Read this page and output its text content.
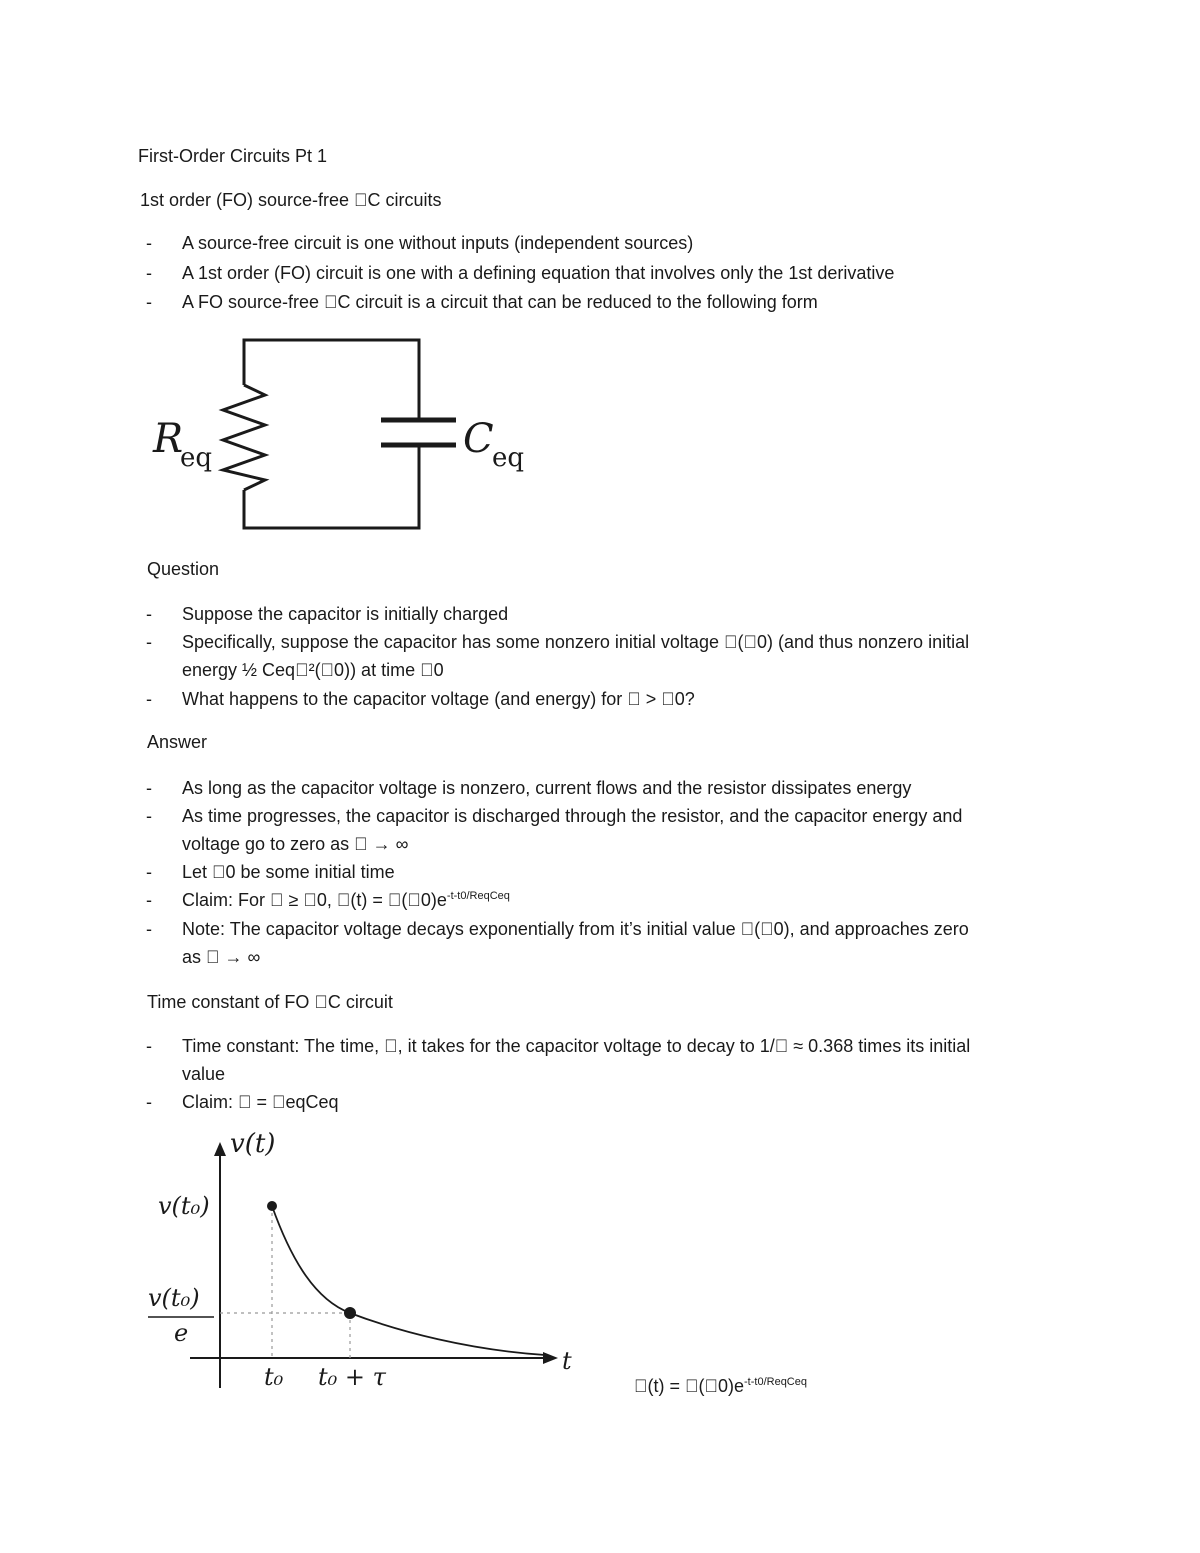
First-Order Circuits Pt 1
1st order (FO) source-free  C circuits
- A source-free circuit is one without inputs (independent sources)
- A 1st order (FO) circuit is one with a defining equation that involves only the 1st derivative
- A FO source-free  C circuit is a circuit that can be reduced to the following form
R
eq	C
eq
Question
- Suppose the capacitor is initially charged
- Specifically, suppose the capacitor has some nonzero initial voltage  ( 0) (and thus nonzero initial
energy ½ Ceq ²( 0)) at time  0
- What happens to the capacitor voltage (and energy) for   >  0?
Answer
- As long as the capacitor voltage is nonzero, current flows and the resistor dissipates energy
- As time progresses, the capacitor is discharged through the resistor, and the capacitor energy and
voltage go to zero as   → ∞
- Let  0 be some initial time
- Claim: For   ≥  0,  (t) = $ ( 0)e^{-t-t0/ReqCeq}$
- Note: The capacitor voltage decays exponentially from it’s initial value  ( 0), and approaches zero
as   → ∞
Time constant of FO  C circuit
- Time constant: The time,  , it takes for the capacitor voltage to decay to 1/  ≈ 0.368 times its initial
value
- Claim:   =  eqCeq
v(t)
t
v(t₀)
v(t₀)
e
t₀ t₀ + τ	 (t) = $ ( 0)e^{-t-t0/ReqCeq}$
